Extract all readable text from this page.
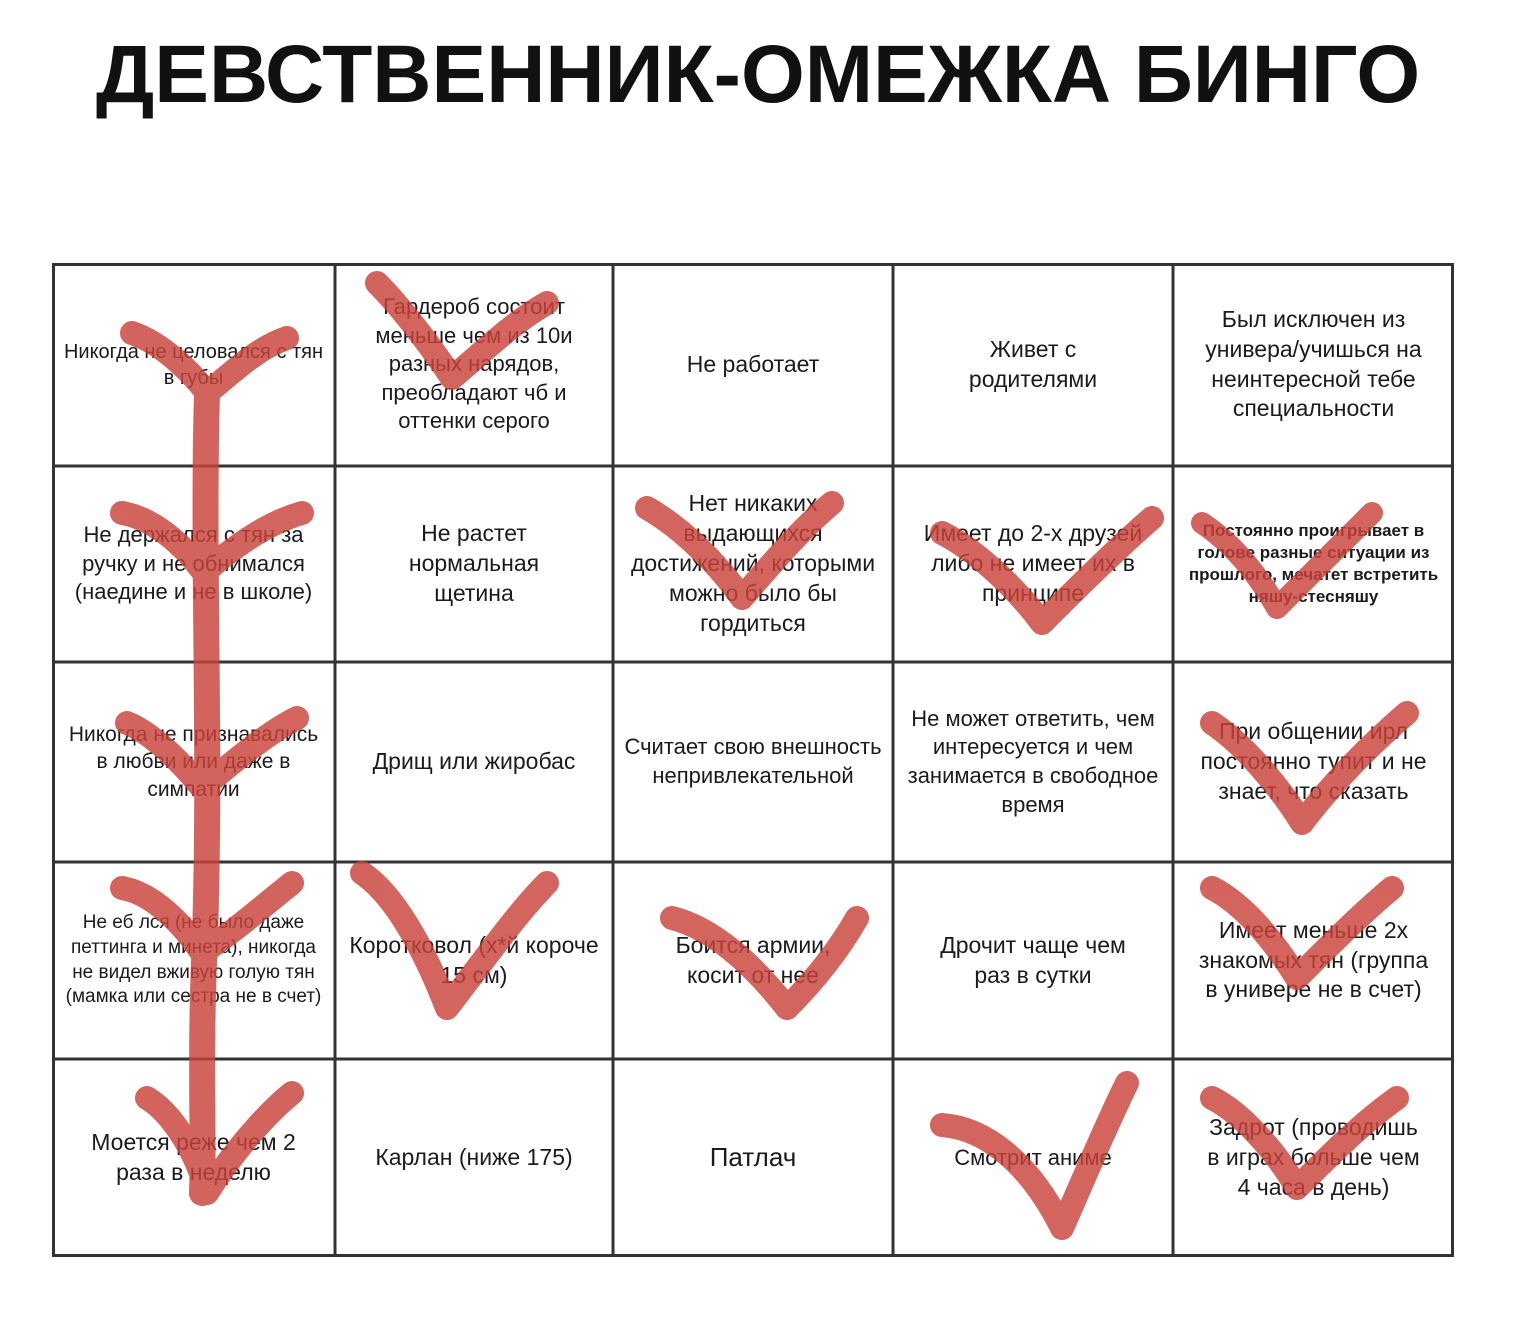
ДЕВСТВЕННИК-ОМЕЖКА БИНГО
Никогда не целовался с тян в губы
Гардероб состоит меньше чем из 10и разных нарядов, преобладают чб и оттенки серого
Не работает
Живет с родителями
Был исключен из универа/учишься на неинтересной тебе специальности
Не держался с тян за ручку и не обнимался (наедине и не в школе)
Не растет нормальная щетина
Нет никаких выдающихся достижений, которыми можно было бы гордиться
Имеет до 2-х друзей либо не имеет их в принципе
Постоянно проигрывает в голове разные ситуации из прошлого, мечатет встретить няшу-стесняшу
Никогда не признавались в любви или даже в симпатии
Дрищ или жиробас
Считает свою внешность непривлекательной
Не может ответить, чем интересуется и чем занимается в свободное время
При общении ирл постоянно тупит и не знает, что сказать
Не еб лся (не было даже петтинга и минета), никогда не видел вживую голую тян (мамка или сестра не в счет)
Коротковол (х*й короче 15 см)
Боится армии, косит от нее
Дрочит чаще чем раз в сутки
Имеет меньше 2х знакомых тян (группа в универе не в счет)
Моется реже чем 2 раза в неделю
Карлан (ниже 175)	Патлач	Смотрит аниме
Задрот (проводишь в играх больше чем 4 часа в день)
